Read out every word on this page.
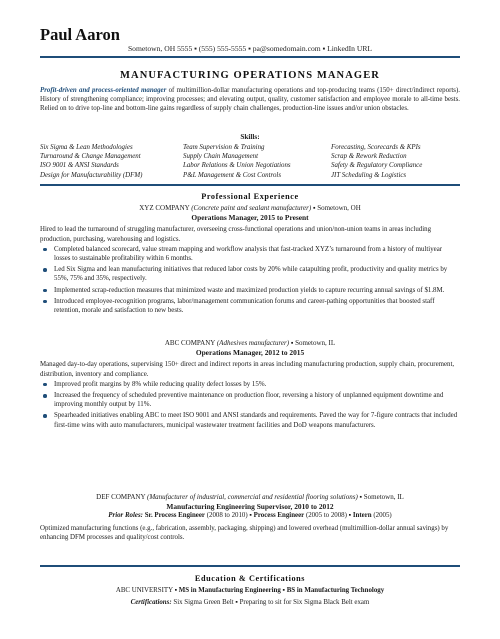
Paul Aaron
Sometown, OH 5555 ▪ (555) 555-5555 ▪ pa@somedomain.com ▪ LinkedIn URL
MANUFACTURING OPERATIONS MANAGER
Profit-driven and process-oriented manager of multimillion-dollar manufacturing operations and top-producing teams (150+ direct/indirect reports). History of strengthening compliance; improving processes; and elevating output, quality, customer satisfaction and employee morale to all-time bests. Relied on to drive top-line and bottom-line gains regardless of supply chain challenges, production-line issues and/or union obstacles.
Skills:
Six Sigma & Lean Methodologies
Turnaround & Change Management
ISO 9001 & ANSI Standards
Design for Manufacturability (DFM)
Team Supervision & Training
Supply Chain Management
Labor Relations & Union Negotiations
P&L Management & Cost Controls
Forecasting, Scorecards & KPIs
Scrap & Rework Reduction
Safety & Regulatory Compliance
JIT Scheduling & Logistics
Professional Experience
XYZ COMPANY (Concrete paint and sealant manufacturer) ▪ Sometown, OH
Operations Manager, 2015 to Present
Hired to lead the turnaround of struggling manufacturer, overseeing cross-functional operations and union/non-union teams in areas including production, purchasing, warehousing and logistics.
Completed balanced scorecard, value stream mapping and workflow analysis that fast-tracked XYZ’s turnaround from a history of multiyear losses to sustainable profitability within 6 months.
Led Six Sigma and lean manufacturing initiatives that reduced labor costs by 20% while catapulting profit, productivity and quality metrics by 55%, 75% and 35%, respectively.
Implemented scrap-reduction measures that minimized waste and maximized production yields to capture recurring annual savings of $1.8M.
Introduced employee-recognition programs, labor/management communication forums and career-pathing opportunities that boosted staff retention, morale and satisfaction to new bests.
ABC COMPANY (Adhesives manufacturer) ▪ Sometown, IL
Operations Manager, 2012 to 2015
Managed day-to-day operations, supervising 150+ direct and indirect reports in areas including manufacturing production, supply chain, procurement, distribution, inventory and compliance.
Improved profit margins by 8% while reducing quality defect losses by 15%.
Increased the frequency of scheduled preventive maintenance on production floor, reversing a history of unplanned equipment downtime and improving monthly output by 11%.
Spearheaded initiatives enabling ABC to meet ISO 9001 and ANSI standards and requirements. Paved the way for 7-figure contracts that included first-time wins with auto manufacturers, municipal wastewater treatment facilities and DoD weapons manufacturers.
DEF COMPANY (Manufacturer of industrial, commercial and residential flooring solutions) ▪ Sometown, IL
Manufacturing Engineering Supervisor, 2010 to 2012
Prior Roles: Sr. Process Engineer (2008 to 2010) ▪ Process Engineer (2005 to 2008) ▪ Intern (2005)
Optimized manufacturing functions (e.g., fabrication, assembly, packaging, shipping) and lowered overhead (multimillion-dollar annual savings) by enhancing DFM processes and quality/cost controls.
Education & Certifications
ABC UNIVERSITY ▪ MS in Manufacturing Engineering ▪ BS in Manufacturing Technology
Certifications: Six Sigma Green Belt ▪ Preparing to sit for Six Sigma Black Belt exam
